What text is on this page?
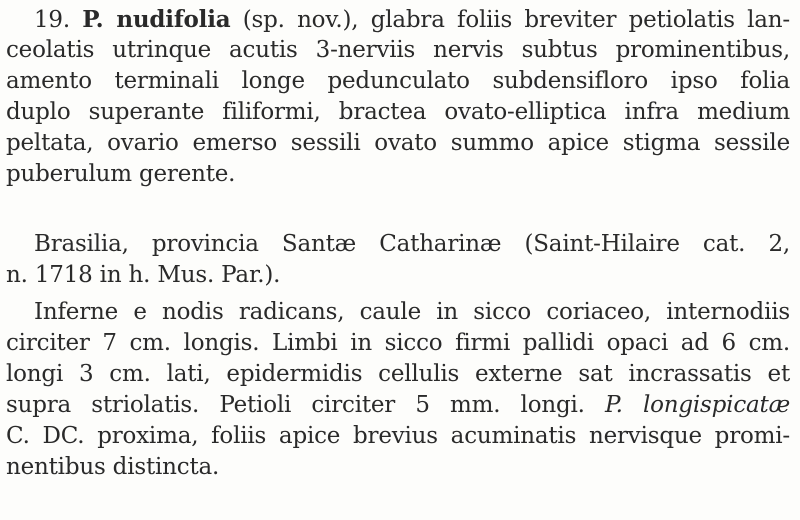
19. P. nudifolia (sp. nov.), glabra foliis breviter petiolatis lan-
ceolatis utrinque acutis 3-nerviis nervis subtus prominentibus,
amento terminali longe pedunculato subdensifloro ipso folia
duplo superante filiformi, bractea ovato-elliptica infra medium
peltata, ovario emerso sessili ovato summo apice stigma sessile
puberulum gerente.
Brasilia, provincia Santæ Catharinæ (Saint-Hilaire cat. 2,
n. 1718 in h. Mus. Par.).
Inferne e nodis radicans, caule in sicco coriaceo, internodiis
circiter 7 cm. longis. Limbi in sicco firmi pallidi opaci ad 6 cm.
longi 3 cm. lati, epidermidis cellulis externe sat incrassatis et
supra striolatis. Petioli circiter 5 mm. longi. P. longispicatæ
C. DC. proxima, foliis apice brevius acuminatis nervisque promi-
nentibus distincta.
